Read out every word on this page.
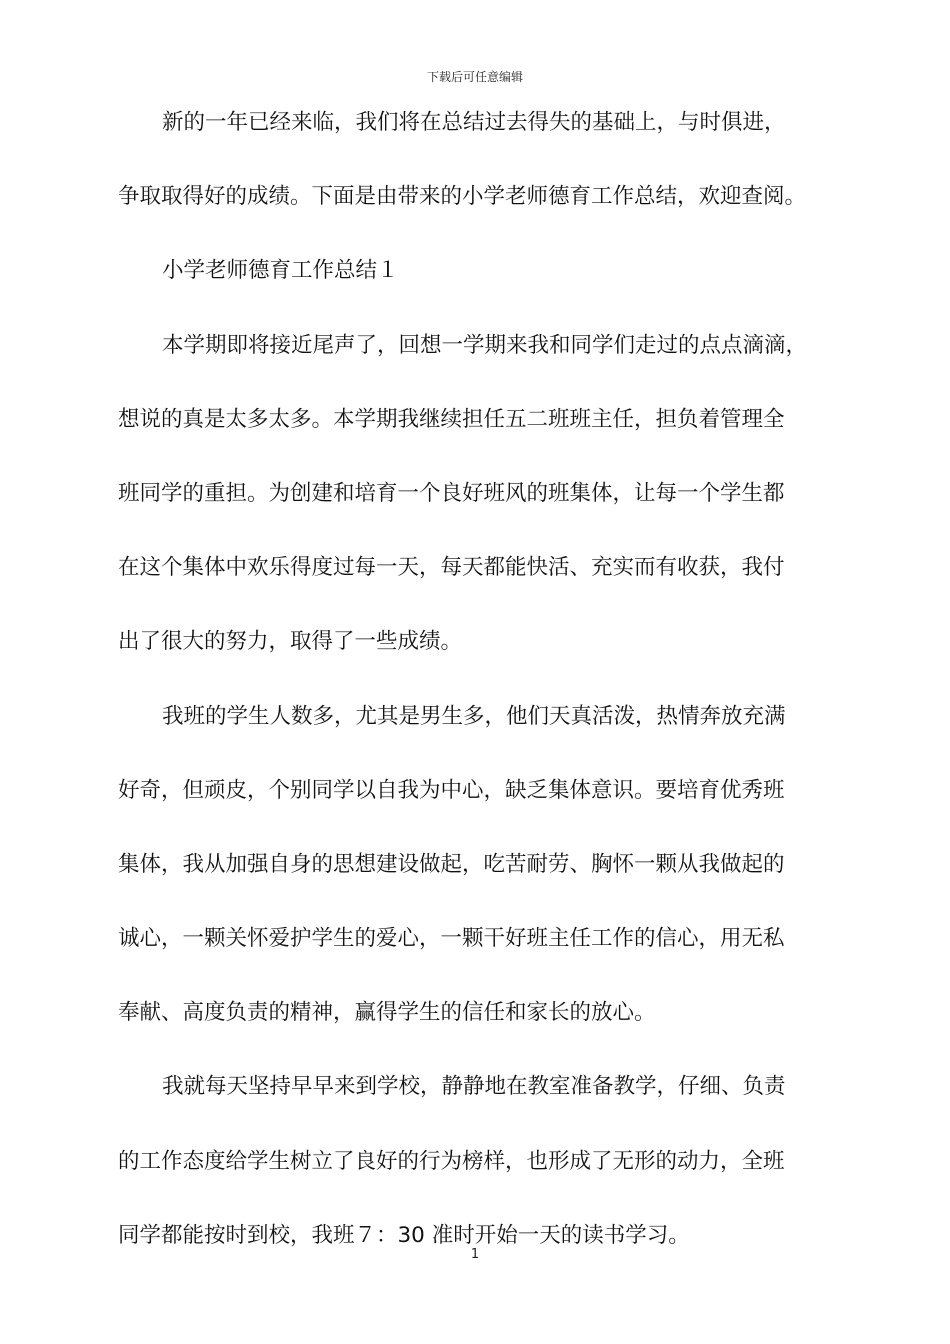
下载后可任意编辑
新的一年已经来临，我们将在总结过去得失的基础上，与时俱进，
争取取得好的成绩。下面是由带来的小学老师德育工作总结，欢迎查阅。
小学老师德育工作总结１
本学期即将接近尾声了，回想一学期来我和同学们走过的点点滴滴，
想说的真是太多太多。本学期我继续担任五二班班主任，担负着管理全
班同学的重担。为创建和培育一个良好班风的班集体，让每一个学生都
在这个集体中欢乐得度过每一天，每天都能快活、充实而有收获，我付
出了很大的努力，取得了一些成绩。
我班的学生人数多，尤其是男生多，他们天真活泼，热情奔放充满
好奇，但顽皮，个别同学以自我为中心，缺乏集体意识。要培育优秀班
集体，我从加强自身的思想建设做起，吃苦耐劳、胸怀一颗从我做起的
诚心，一颗关怀爱护学生的爱心，一颗干好班主任工作的信心，用无私
奉献、高度负责的精神，赢得学生的信任和家长的放心。
我就每天坚持早早来到学校，静静地在教室准备教学，仔细、负责
的工作态度给学生树立了良好的行为榜样，也形成了无形的动力，全班
同学都能按时到校，我班７：30 准时开始一天的读书学习。
1
